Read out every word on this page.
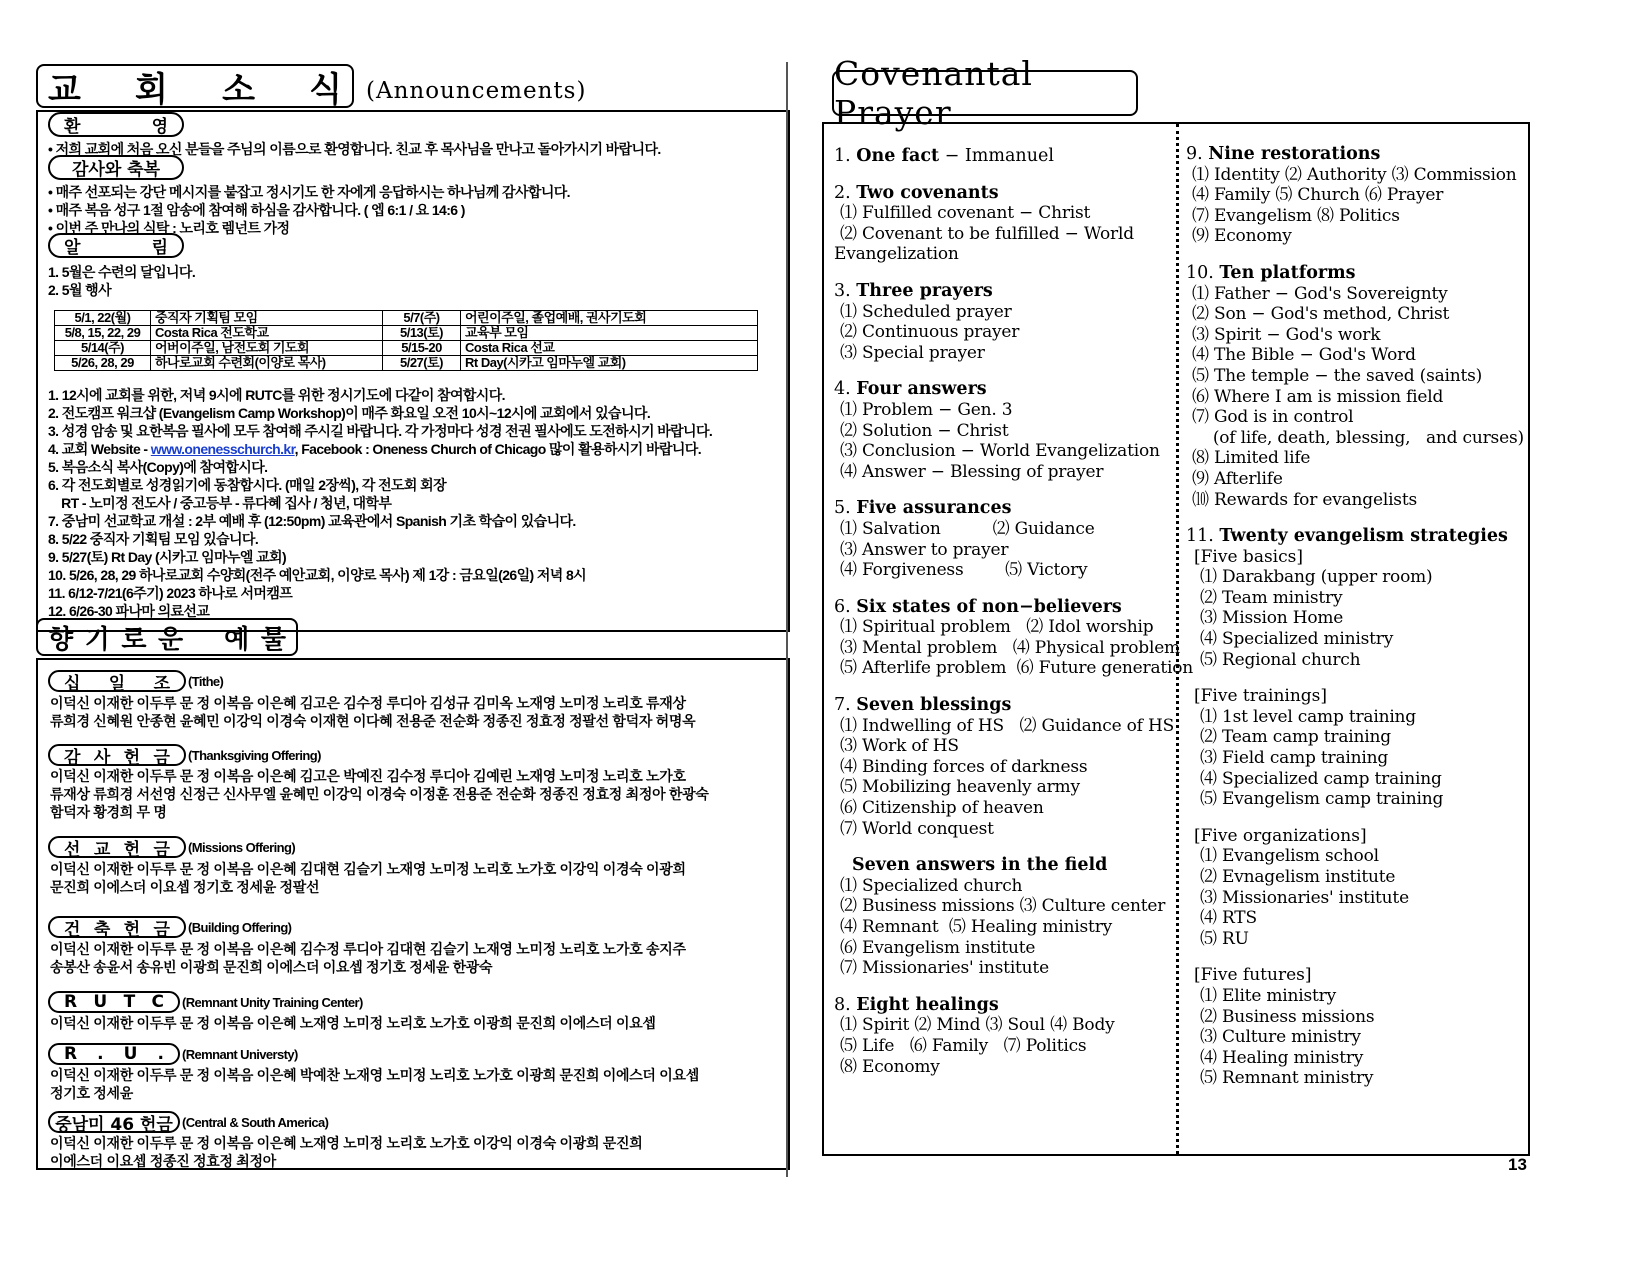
교 회 소 식 (Announcements)
환	영
• 저희 교회에 처음 오신 분들을 주님의 이름으로 환영합니다. 친교 후 목사님을 만나고 돌아가시기 바랍니다.
감사와 축복
• 매주 선포되는 강단 메시지를 붙잡고 정시기도 한 자에게 응답하시는 하나님께 감사합니다.
• 매주 복음 성구 1절 암송에 참여해 하심을 감사합니다. ( 엡 6:1 / 요 14:6 )
• 이번 주 만나의 식탁 : 노리호 렘넌트 가정
알	림
1. 5월은 수련의 달입니다.
2. 5월 행사
5/1, 22(월)	중직자 기획팀 모임	5/7(주)	어린이주일, 졸업예배, 권사기도회
5/8, 15, 22, 29	Costa Rica 전도학교	5/13(토)	교육부 모임
5/14(주)	어버이주일, 남전도회 기도회	5/15-20	Costa Rica 선교
5/26, 28, 29	하나로교회 수련회(이양로 목사)	5/27(토)	Rt Day(시카고 임마누엘 교회)
1. 12시에 교회를 위한, 저녁 9시에 RUTC를 위한 정시기도에 다같이 참여합시다.
2. 전도캠프 워크샵 (Evangelism Camp Workshop)이 매주 화요일 오전 10시~12시에 교회에서 있습니다.
3. 성경 암송 및 요한복음 필사에 모두 참여해 주시길 바랍니다. 각 가정마다 성경 전권 필사에도 도전하시기 바랍니다.
4. 교회 Website - www.onenesschurch.kr, Facebook : Oneness Church of Chicago 많이 활용하시기 바랍니다.
5. 복음소식 복사(Copy)에 참여합시다.
6. 각 전도회별로 성경읽기에 동참합시다. (매일 2장씩), 각 전도회 회장
RT - 노미정 전도사 / 중고등부 - 류다혜 집사 / 청년, 대학부
7. 중남미 선교학교 개설 : 2부 예배 후 (12:50pm) 교육관에서 Spanish 기초 학습이 있습니다.
8. 5/22 중직자 기획팀 모임 있습니다.
9. 5/27(토) Rt Day (시카고 임마누엘 교회)
10. 5/26, 28, 29 하나로교회 수양회(전주 예안교회, 이양로 목사) 제 1강 : 금요일(26일) 저녁 8시
11. 6/12-7/21(6주기) 2023 하나로 서머캠프
12. 6/26-30 파나마 의료선교
향 기 로 운 예 물
십 일 조 (Tithe)
이덕신 이재한 이두루 문 정 이복음 이은혜 김고은 김수정 루디아 김성규 김미옥 노재영 노미정 노리호 류재상
류희경 신혜원 안종현 윤혜민 이강익 이경숙 이재현 이다혜 전용준 전순화 정종진 정효정 정팔선 함덕자 허명옥
감 사 헌 금 (Thanksgiving Offering)
이덕신 이재한 이두루 문 정 이복음 이은혜 김고은 박예진 김수정 루디아 김예린 노재영 노미정 노리호 노가호
류재상 류희경 서선영 신정근 신사무엘 윤혜민 이강익 이경숙 이정훈 전용준 전순화 정종진 정효정 최정아 한광숙
함덕자 황경희 무 명
선 교 헌 금 (Missions Offering)
이덕신 이재한 이두루 문 정 이복음 이은혜 김대현 김슬기 노재영 노미정 노리호 노가호 이강익 이경숙 이광희
문진희 이에스더 이요셉 정기호 정세윤 정팔선
건 축 헌 금 (Building Offering)
이덕신 이재한 이두루 문 정 이복음 이은혜 김수정 루디아 김대현 김슬기 노재영 노미정 노리호 노가호 송지주
송봉산 송윤서 송유빈 이광희 문진희 이에스더 이요셉 정기호 정세윤 한광숙
R U T C (Remnant Unity Training Center)
이덕신 이재한 이두루 문 정 이복음 이은혜 노재영 노미정 노리호 노가호 이광희 문진희 이에스더 이요셉
R . U . (Remnant Universty)
이덕신 이재한 이두루 문 정 이복음 이은혜 박예찬 노재영 노미정 노리호 노가호 이광희 문진희 이에스더 이요셉
정기호 정세윤
중남미 46 헌금 (Central & South America)
이덕신 이재한 이두루 문 정 이복음 이은혜 노재영 노미정 노리호 노가호 이강익 이경숙 이광희 문진희
이에스더 이요셉 정종진 정효정 최정아
Covenantal Prayer
1. One fact − Immanuel
2. Two covenants
⑴ Fulfilled covenant − Christ
⑵ Covenant to be fulfilled − World
Evangelization
3. Three prayers
⑴ Scheduled prayer
⑵ Continuous prayer
⑶ Special prayer
4. Four answers
⑴ Problem − Gen. 3
⑵ Solution − Christ
⑶ Conclusion − World Evangelization
⑷ Answer − Blessing of prayer
5. Five assurances
⑴ Salvation          ⑵ Guidance
⑶ Answer to prayer
⑷ Forgiveness        ⑸ Victory
6. Six states of non−believers
⑴ Spiritual problem   ⑵ Idol worship
⑶ Mental problem   ⑷ Physical problem
⑸ Afterlife problem  ⑹ Future generation
7. Seven blessings
⑴ Indwelling of HS   ⑵ Guidance of HS
⑶ Work of HS
⑷ Binding forces of darkness
⑸ Mobilizing heavenly army
⑹ Citizenship of heaven
⑺ World conquest
Seven answers in the field
⑴ Specialized church
⑵ Business missions ⑶ Culture center
⑷ Remnant  ⑸ Healing ministry
⑹ Evangelism institute
⑺ Missionaries' institute
8. Eight healings
⑴ Spirit ⑵ Mind ⑶ Soul ⑷ Body
⑸ Life   ⑹ Family   ⑺ Politics
⑻ Economy
9. Nine restorations
⑴ Identity ⑵ Authority ⑶ Commission
⑷ Family ⑸ Church ⑹ Prayer
⑺ Evangelism ⑻ Politics
⑼ Economy
10. Ten platforms
⑴ Father − God's Sovereignty
⑵ Son − God's method, Christ
⑶ Spirit − God's work
⑷ The Bible − God's Word
⑸ The temple − the saved (saints)
⑹ Where I am is mission field
⑺ God is in control
(of life, death, blessing,   and curses)
⑻ Limited life
⑼ Afterlife
⑽ Rewards for evangelists
11. Twenty evangelism strategies
[Five basics]
⑴ Darakbang (upper room)
⑵ Team ministry
⑶ Mission Home
⑷ Specialized ministry
⑸ Regional church
[Five trainings]
⑴ 1st level camp training
⑵ Team camp training
⑶ Field camp training
⑷ Specialized camp training
⑸ Evangelism camp training
[Five organizations]
⑴ Evangelism school
⑵ Evnagelism institute
⑶ Missionaries' institute
⑷ RTS
⑸ RU
[Five futures]
⑴ Elite ministry
⑵ Business missions
⑶ Culture ministry
⑷ Healing ministry
⑸ Remnant ministry
13
